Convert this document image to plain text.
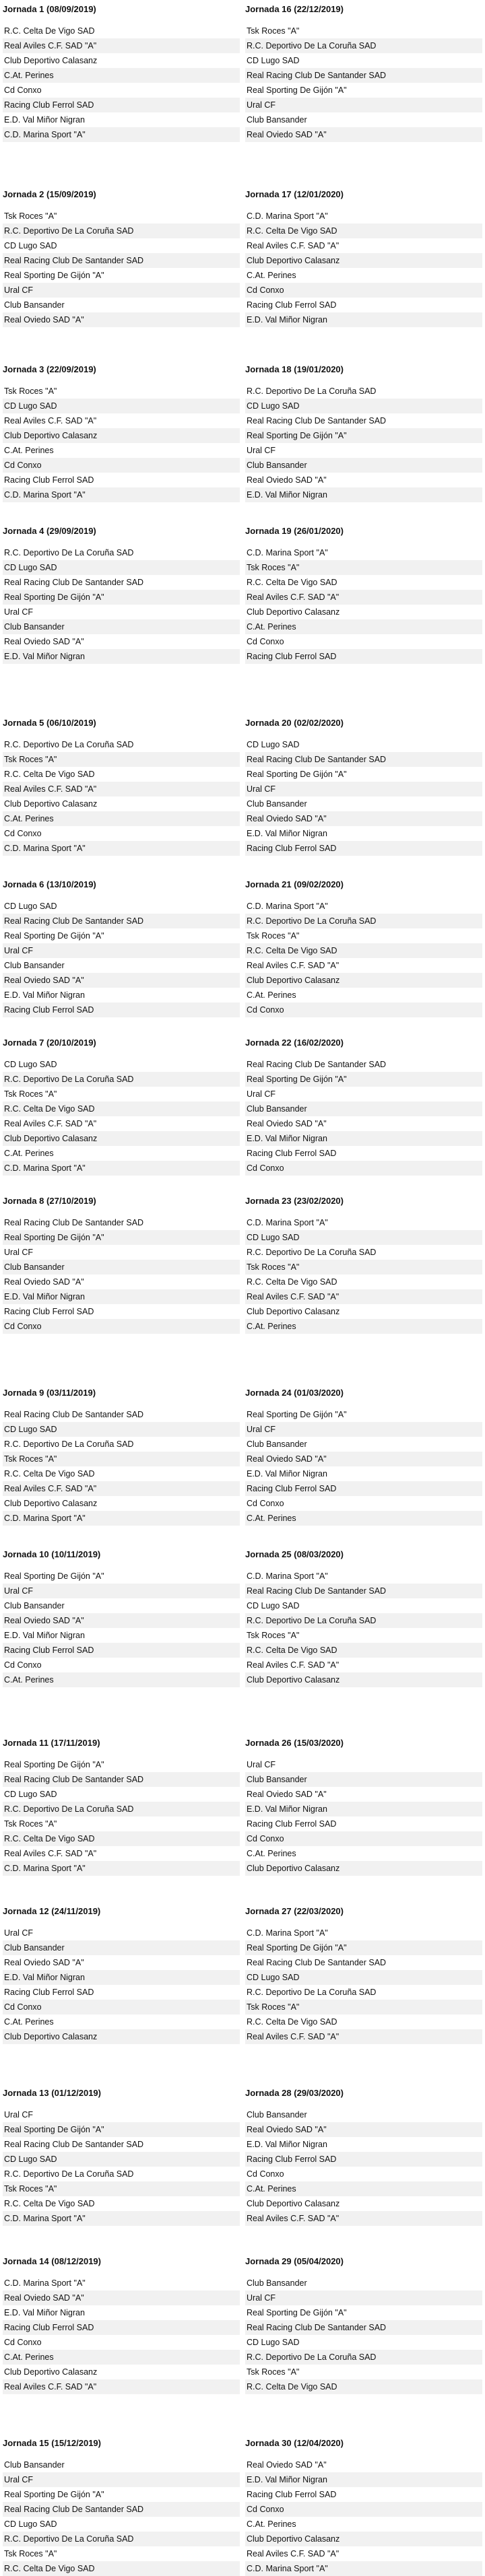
Jornada 1 (08/09/2019)
R.C. Celta De Vigo SAD
Real Aviles C.F. SAD "A"
Club Deportivo Calasanz
C.At. Perines
Cd Conxo
Racing Club Ferrol SAD
E.D. Val Miñor Nigran
C.D. Marina Sport "A"
Jornada 16 (22/12/2019)
Tsk Roces "A"
R.C. Deportivo De La Coruña SAD
CD Lugo SAD
Real Racing Club De Santander SAD
Real Sporting De Gijón "A"
Ural CF
Club Bansander
Real Oviedo SAD "A"
Jornada 2 (15/09/2019)
Tsk Roces "A"
R.C. Deportivo De La Coruña SAD
CD Lugo SAD
Real Racing Club De Santander SAD
Real Sporting De Gijón "A"
Ural CF
Club Bansander
Real Oviedo SAD "A"
Jornada 17 (12/01/2020)
C.D. Marina Sport "A"
R.C. Celta De Vigo SAD
Real Aviles C.F. SAD "A"
Club Deportivo Calasanz
C.At. Perines
Cd Conxo
Racing Club Ferrol SAD
E.D. Val Miñor Nigran
Jornada 3 (22/09/2019)
Tsk Roces "A"
CD Lugo SAD
Real Aviles C.F. SAD "A"
Club Deportivo Calasanz
C.At. Perines
Cd Conxo
Racing Club Ferrol SAD
C.D. Marina Sport "A"
Jornada 18 (19/01/2020)
R.C. Deportivo De La Coruña SAD
CD Lugo SAD
Real Racing Club De Santander SAD
Real Sporting De Gijón "A"
Ural CF
Club Bansander
Real Oviedo SAD "A"
E.D. Val Miñor Nigran
Jornada 4 (29/09/2019)
R.C. Deportivo De La Coruña SAD
CD Lugo SAD
Real Racing Club De Santander SAD
Real Sporting De Gijón "A"
Ural CF
Club Bansander
Real Oviedo SAD "A"
E.D. Val Miñor Nigran
Jornada 19 (26/01/2020)
C.D. Marina Sport "A"
Tsk Roces "A"
R.C. Celta De Vigo SAD
Real Aviles C.F. SAD "A"
Club Deportivo Calasanz
C.At. Perines
Cd Conxo
Racing Club Ferrol SAD
Jornada 5 (06/10/2019)
R.C. Deportivo De La Coruña SAD
Tsk Roces "A"
R.C. Celta De Vigo SAD
Real Aviles C.F. SAD "A"
Club Deportivo Calasanz
C.At. Perines
Cd Conxo
C.D. Marina Sport "A"
Jornada 20 (02/02/2020)
CD Lugo SAD
Real Racing Club De Santander SAD
Real Sporting De Gijón "A"
Ural CF
Club Bansander
Real Oviedo SAD "A"
E.D. Val Miñor Nigran
Racing Club Ferrol SAD
Jornada 6 (13/10/2019)
CD Lugo SAD
Real Racing Club De Santander SAD
Real Sporting De Gijón "A"
Ural CF
Club Bansander
Real Oviedo SAD "A"
E.D. Val Miñor Nigran
Racing Club Ferrol SAD
Jornada 21 (09/02/2020)
C.D. Marina Sport "A"
R.C. Deportivo De La Coruña SAD
Tsk Roces "A"
R.C. Celta De Vigo SAD
Real Aviles C.F. SAD "A"
Club Deportivo Calasanz
C.At. Perines
Cd Conxo
Jornada 7 (20/10/2019)
CD Lugo SAD
R.C. Deportivo De La Coruña SAD
Tsk Roces "A"
R.C. Celta De Vigo SAD
Real Aviles C.F. SAD "A"
Club Deportivo Calasanz
C.At. Perines
C.D. Marina Sport "A"
Jornada 22 (16/02/2020)
Real Racing Club De Santander SAD
Real Sporting De Gijón "A"
Ural CF
Club Bansander
Real Oviedo SAD "A"
E.D. Val Miñor Nigran
Racing Club Ferrol SAD
Cd Conxo
Jornada 8 (27/10/2019)
Real Racing Club De Santander SAD
Real Sporting De Gijón "A"
Ural CF
Club Bansander
Real Oviedo SAD "A"
E.D. Val Miñor Nigran
Racing Club Ferrol SAD
Cd Conxo
Jornada 23 (23/02/2020)
C.D. Marina Sport "A"
CD Lugo SAD
R.C. Deportivo De La Coruña SAD
Tsk Roces "A"
R.C. Celta De Vigo SAD
Real Aviles C.F. SAD "A"
Club Deportivo Calasanz
C.At. Perines
Jornada 9 (03/11/2019)
Real Racing Club De Santander SAD
CD Lugo SAD
R.C. Deportivo De La Coruña SAD
Tsk Roces "A"
R.C. Celta De Vigo SAD
Real Aviles C.F. SAD "A"
Club Deportivo Calasanz
C.D. Marina Sport "A"
Jornada 24 (01/03/2020)
Real Sporting De Gijón "A"
Ural CF
Club Bansander
Real Oviedo SAD "A"
E.D. Val Miñor Nigran
Racing Club Ferrol SAD
Cd Conxo
C.At. Perines
Jornada 10 (10/11/2019)
Real Sporting De Gijón "A"
Ural CF
Club Bansander
Real Oviedo SAD "A"
E.D. Val Miñor Nigran
Racing Club Ferrol SAD
Cd Conxo
C.At. Perines
Jornada 25 (08/03/2020)
C.D. Marina Sport "A"
Real Racing Club De Santander SAD
CD Lugo SAD
R.C. Deportivo De La Coruña SAD
Tsk Roces "A"
R.C. Celta De Vigo SAD
Real Aviles C.F. SAD "A"
Club Deportivo Calasanz
Jornada 11 (17/11/2019)
Real Sporting De Gijón "A"
Real Racing Club De Santander SAD
CD Lugo SAD
R.C. Deportivo De La Coruña SAD
Tsk Roces "A"
R.C. Celta De Vigo SAD
Real Aviles C.F. SAD "A"
C.D. Marina Sport "A"
Jornada 26 (15/03/2020)
Ural CF
Club Bansander
Real Oviedo SAD "A"
E.D. Val Miñor Nigran
Racing Club Ferrol SAD
Cd Conxo
C.At. Perines
Club Deportivo Calasanz
Jornada 12 (24/11/2019)
Ural CF
Club Bansander
Real Oviedo SAD "A"
E.D. Val Miñor Nigran
Racing Club Ferrol SAD
Cd Conxo
C.At. Perines
Club Deportivo Calasanz
Jornada 27 (22/03/2020)
C.D. Marina Sport "A"
Real Sporting De Gijón "A"
Real Racing Club De Santander SAD
CD Lugo SAD
R.C. Deportivo De La Coruña SAD
Tsk Roces "A"
R.C. Celta De Vigo SAD
Real Aviles C.F. SAD "A"
Jornada 13 (01/12/2019)
Ural CF
Real Sporting De Gijón "A"
Real Racing Club De Santander SAD
CD Lugo SAD
R.C. Deportivo De La Coruña SAD
Tsk Roces "A"
R.C. Celta De Vigo SAD
C.D. Marina Sport "A"
Jornada 28 (29/03/2020)
Club Bansander
Real Oviedo SAD "A"
E.D. Val Miñor Nigran
Racing Club Ferrol SAD
Cd Conxo
C.At. Perines
Club Deportivo Calasanz
Real Aviles C.F. SAD "A"
Jornada 14 (08/12/2019)
C.D. Marina Sport "A"
Real Oviedo SAD "A"
E.D. Val Miñor Nigran
Racing Club Ferrol SAD
Cd Conxo
C.At. Perines
Club Deportivo Calasanz
Real Aviles C.F. SAD "A"
Jornada 29 (05/04/2020)
Club Bansander
Ural CF
Real Sporting De Gijón "A"
Real Racing Club De Santander SAD
CD Lugo SAD
R.C. Deportivo De La Coruña SAD
Tsk Roces "A"
R.C. Celta De Vigo SAD
Jornada 15 (15/12/2019)
Club Bansander
Ural CF
Real Sporting De Gijón "A"
Real Racing Club De Santander SAD
CD Lugo SAD
R.C. Deportivo De La Coruña SAD
Tsk Roces "A"
R.C. Celta De Vigo SAD
Jornada 30 (12/04/2020)
Real Oviedo SAD "A"
E.D. Val Miñor Nigran
Racing Club Ferrol SAD
Cd Conxo
C.At. Perines
Club Deportivo Calasanz
Real Aviles C.F. SAD "A"
C.D. Marina Sport "A"
